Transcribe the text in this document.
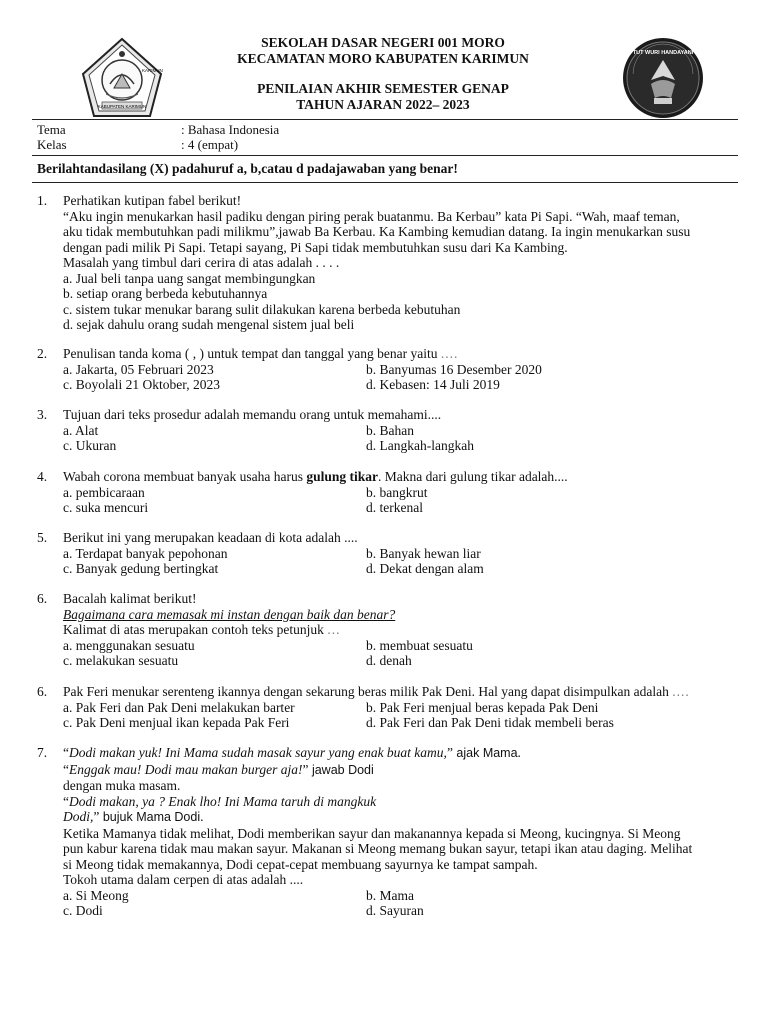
KABUPATEN KARIMUN
KARIMUN
TUT WURI HANDAYANI
SEKOLAH DASAR NEGERI 001 MORO
KECAMATAN MORO KABUPATEN KARIMUN
PENILAIAN AKHIR SEMESTER GENAP
TAHUN AJARAN 2022– 2023
Tema	: Bahasa Indonesia
Kelas	: 4 (empat)
Berilahtandasilang (X) padahuruf a, b,catau d padajawaban yang benar!
1. Perhatikan kutipan fabel berikut!
“Aku ingin menukarkan hasil padiku dengan piring perak buatanmu. Ba Kerbau” kata Pi Sapi. “Wah, maaf teman,
aku tidak membutuhkan padi milikmu”,jawab Ba Kerbau. Ka Kambing kemudian datang. Ia ingin menukarkan susu
dengan padi milik Pi Sapi. Tetapi sayang, Pi Sapi tidak membutuhkan susu dari Ka Kambing.
Masalah yang timbul dari cerira di atas adalah . . . .
a. Jual beli tanpa uang sangat membingungkan
b. setiap orang berbeda kebutuhannya
c. sistem tukar menukar barang sulit dilakukan karena berbeda kebutuhan
d. sejak dahulu orang sudah mengenal sistem jual beli
2. Penulisan tanda koma ( , ) untuk tempat dan tanggal yang benar yaitu ....
a. Jakarta, 05 Februari 2023	b. Banyumas 16 Desember 2020
c. Boyolali 21 Oktober, 2023	d. Kebasen: 14 Juli 2019
3. Tujuan dari teks prosedur adalah memandu orang untuk memahami....
a. Alat	b. Bahan
c. Ukuran	d. Langkah-langkah
4. Wabah corona membuat banyak usaha harus gulung tikar. Makna dari gulung tikar adalah....
a. pembicaraan	b. bangkrut
c. suka mencuri	d. terkenal
5. Berikut ini yang merupakan keadaan di kota adalah ....
a. Terdapat banyak pepohonan	b. Banyak hewan liar
c. Banyak gedung bertingkat	d. Dekat dengan alam
6. Bacalah kalimat berikut!
Bagaimana cara memasak mi instan dengan baik dan benar?
Kalimat di atas merupakan contoh teks petunjuk ...
a. menggunakan sesuatu	b. membuat sesuatu
c. melakukan sesuatu	d. denah
6. Pak Feri menukar serenteng ikannya dengan sekarung beras milik Pak Deni. Hal yang dapat disimpulkan adalah ....
a. Pak Feri dan Pak Deni melakukan barter	b. Pak Feri menjual beras kepada Pak Deni
c. Pak Deni menjual ikan kepada Pak Feri	d. Pak Feri dan Pak Deni tidak membeli beras
7. “Dodi makan yuk! Ini Mama sudah masak sayur yang enak buat kamu,” ajak Mama.
“Enggak mau! Dodi mau makan burger aja!” jawab Dodi
dengan muka masam.
“Dodi makan, ya ? Enak lho! Ini Mama taruh di mangkuk
Dodi,” bujuk Mama Dodi.
Ketika Mamanya tidak melihat, Dodi memberikan sayur dan makanannya kepada si Meong, kucingnya. Si Meong
pun kabur karena tidak mau makan sayur. Makanan si Meong memang bukan sayur, tetapi ikan atau daging. Melihat
si Meong tidak memakannya, Dodi cepat-cepat membuang sayurnya ke tampat sampah.
Tokoh utama dalam cerpen di atas adalah ....
a. Si Meong	b. Mama
c. Dodi	d. Sayuran
